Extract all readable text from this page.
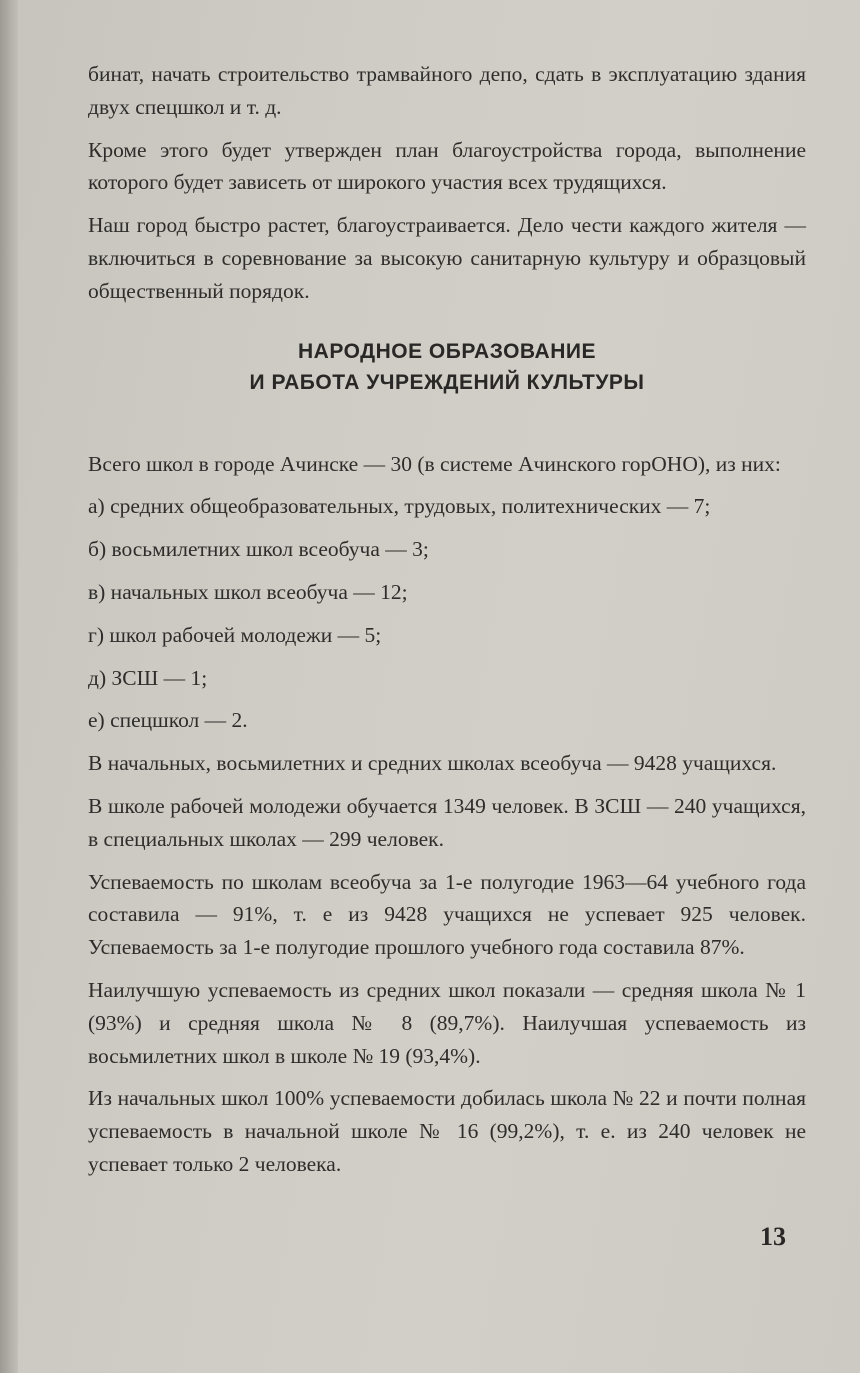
бинат, начать строительство трамвайного депо, сдать в эксплуатацию здания двух спецшкол и т. д.

Кроме этого будет утвержден план благоустройства города, выполнение которого будет зависеть от широкого участия всех трудящихся.

Наш город быстро растет, благоустраивается. Дело чести каждого жителя — включиться в соревнование за высокую санитарную культуру и образцовый общественный порядок.

НАРОДНОЕ ОБРАЗОВАНИЕ
И РАБОТА УЧРЕЖДЕНИЙ КУЛЬТУРЫ

Всего школ в городе Ачинске — 30 (в системе Ачинского горОНО), из них:

а) средних общеобразовательных, трудовых, политехнических — 7;

б) восьмилетних школ всеобуча — 3;

в) начальных школ всеобуча — 12;

г) школ рабочей молодежи — 5;

д) ЗСШ — 1;

е) спецшкол — 2.

В начальных, восьмилетних и средних школах всеобуча — 9428 учащихся.

В школе рабочей молодежи обучается 1349 человек. В ЗСШ — 240 учащихся, в специальных школах — 299 человек.

Успеваемость по школам всеобуча за 1-е полугодие 1963—64 учебного года составила — 91%, т. е из 9428 учащихся не успевает 925 человек. Успеваемость за 1-е полугодие прошлого учебного года составила 87%.

Наилучшую успеваемость из средних школ показали — средняя школа № 1 (93%) и средняя школа № 8 (89,7%). Наилучшая успеваемость из восьмилетних школ в школе № 19 (93,4%).

Из начальных школ 100% успеваемости добилась школа № 22 и почти полная успеваемость в начальной школе № 16 (99,2%), т. е. из 240 человек не успевает только 2 человека.

13
